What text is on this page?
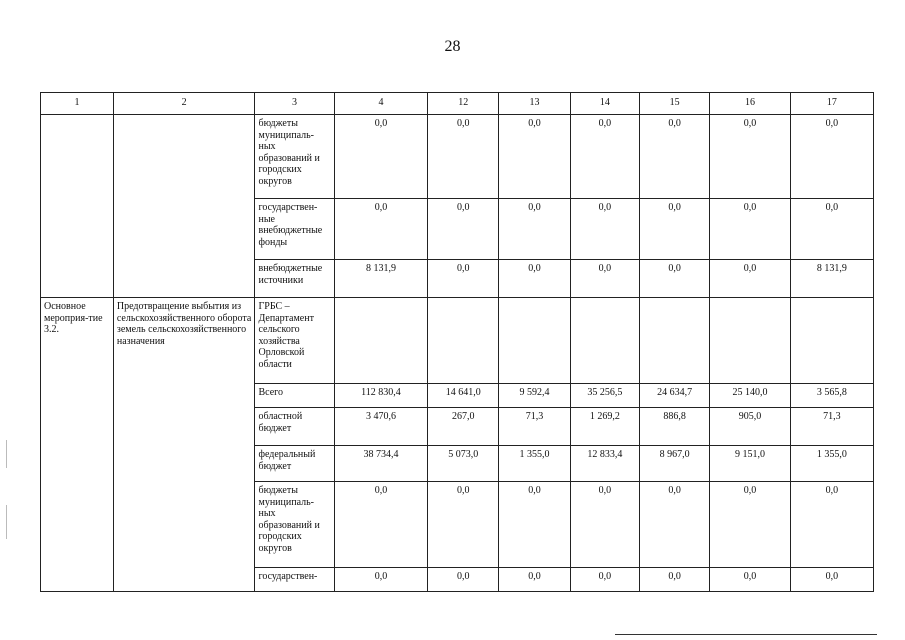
28
1	2	3	4	12	13	14	15	16	17
		бюджеты муниципаль-ных образований и городских округов	0,0	0,0	0,0	0,0	0,0	0,0	0,0
		государствен-ные внебюджетные фонды	0,0	0,0	0,0	0,0	0,0	0,0	0,0
		внебюджетные источники	8 131,9	0,0	0,0	0,0	0,0	0,0	8 131,9
Основное мероприя-тие 3.2.	Предотвращение выбытия из сельскохозяйственного оборота земель сельскохозяйственного назначения	ГРБС – Департамент сельского хозяйства Орловской области							
		Всего	112 830,4	14 641,0	9 592,4	35 256,5	24 634,7	25 140,0	3 565,8
		областной бюджет	3 470,6	267,0	71,3	1 269,2	886,8	905,0	71,3
		федеральный бюджет	38 734,4	5 073,0	1 355,0	12 833,4	8 967,0	9 151,0	1 355,0
		бюджеты муниципаль-ных образований и городских округов	0,0	0,0	0,0	0,0	0,0	0,0	0,0
		государствен-	0,0	0,0	0,0	0,0	0,0	0,0	0,0
